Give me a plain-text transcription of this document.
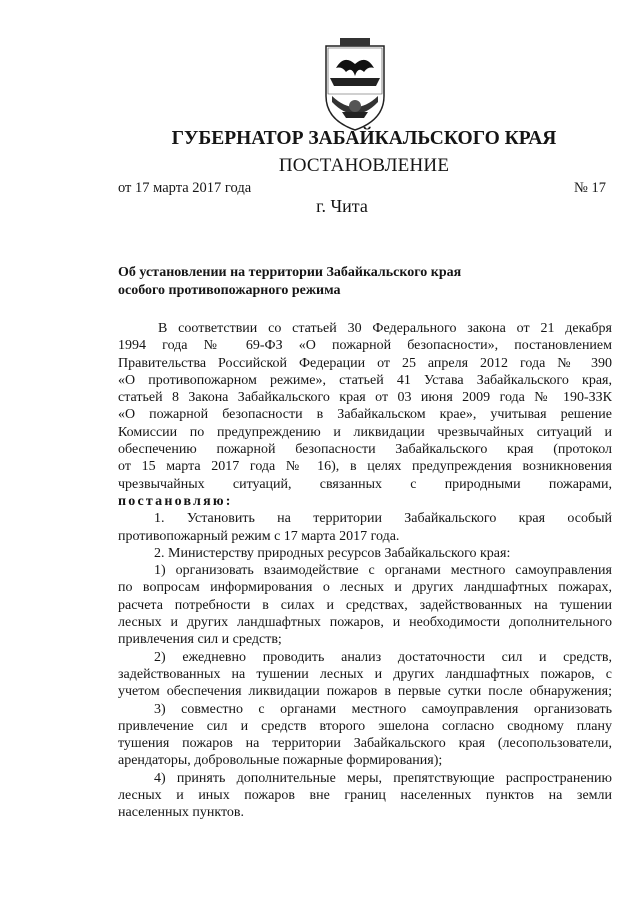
ГУБЕРНАТОР ЗАБАЙКАЛЬСКОГО КРАЯ
ПОСТАНОВЛЕНИЕ
от 17 марта 2017 года	№ 17
г. Чита
Об установлении на территории Забайкальского края
особого противопожарного режима
В соответствии со статьей 30 Федерального закона от 21 декабря
1994 года № 69-ФЗ «О пожарной безопасности», постановлением
Правительства Российской Федерации от 25 апреля 2012 года № 390
«О противопожарном режиме», статьей 41 Устава Забайкальского края,
статьей 8 Закона Забайкальского края от 03 июня 2009 года № 190-ЗЗК
«О пожарной безопасности в Забайкальском крае», учитывая решение
Комиссии по предупреждению и ликвидации чрезвычайных ситуаций и
обеспечению пожарной безопасности Забайкальского края (протокол
от 15 марта 2017 года № 16), в целях предупреждения возникновения
чрезвычайных ситуаций, связанных с природными пожарами,
постановляю:
1. Установить на территории Забайкальского края особый
противопожарный режим с 17 марта 2017 года.
2. Министерству природных ресурсов Забайкальского края:
1) организовать взаимодействие с органами местного самоуправления
по вопросам информирования о лесных и других ландшафтных пожарах,
расчета потребности в силах и средствах, задействованных на тушении
лесных и других ландшафтных пожаров, и необходимости дополнительного
привлечения сил и средств;
2) ежедневно проводить анализ достаточности сил и средств,
задействованных на тушении лесных и других ландшафтных пожаров, с
учетом обеспечения ликвидации пожаров в первые сутки после обнаружения;
3) совместно с органами местного самоуправления организовать
привлечение сил и средств второго эшелона согласно сводному плану
тушения пожаров на территории Забайкальского края (лесопользователи,
арендаторы, добровольные пожарные формирования);
4) принять дополнительные меры, препятствующие распространению
лесных и иных пожаров вне границ населенных пунктов на земли
населенных пунктов.
